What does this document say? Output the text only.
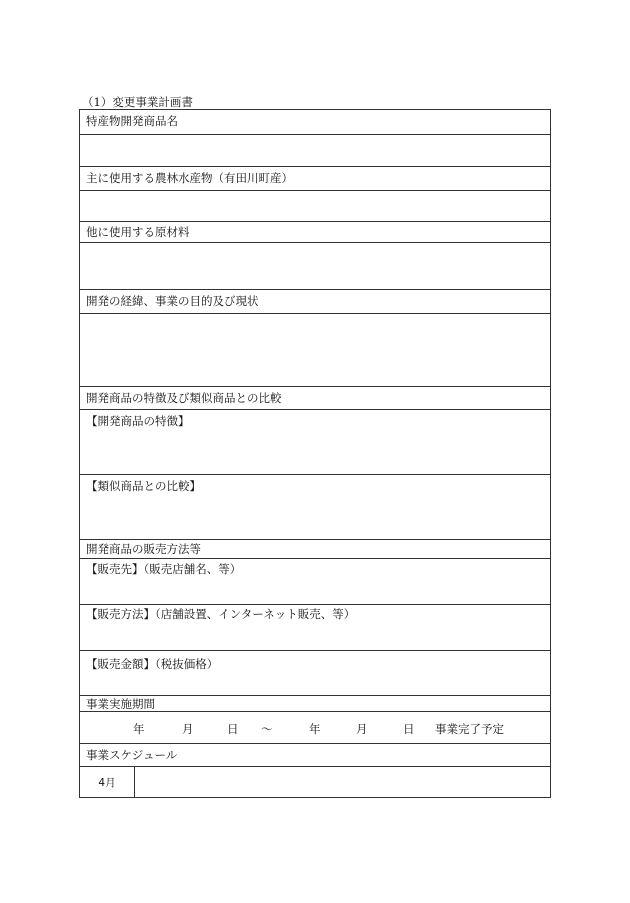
（1）変更事業計画書
特産物開発商品名
主に使用する農林水産物（有田川町産）
他に使用する原材料
開発の経緯、事業の目的及び現状
開発商品の特徴及び類似商品との比較
【開発商品の特徴】
【類似商品との比較】
開発商品の販売方法等
【販売先】（販売店舗名、等）
【販売方法】（店舗設置、インターネット販売、等）
【販売金額】（税抜価格）
事業実施期間
年	月	日 ～	年	月	日 事業完了予定
事業スケジュール
4月
